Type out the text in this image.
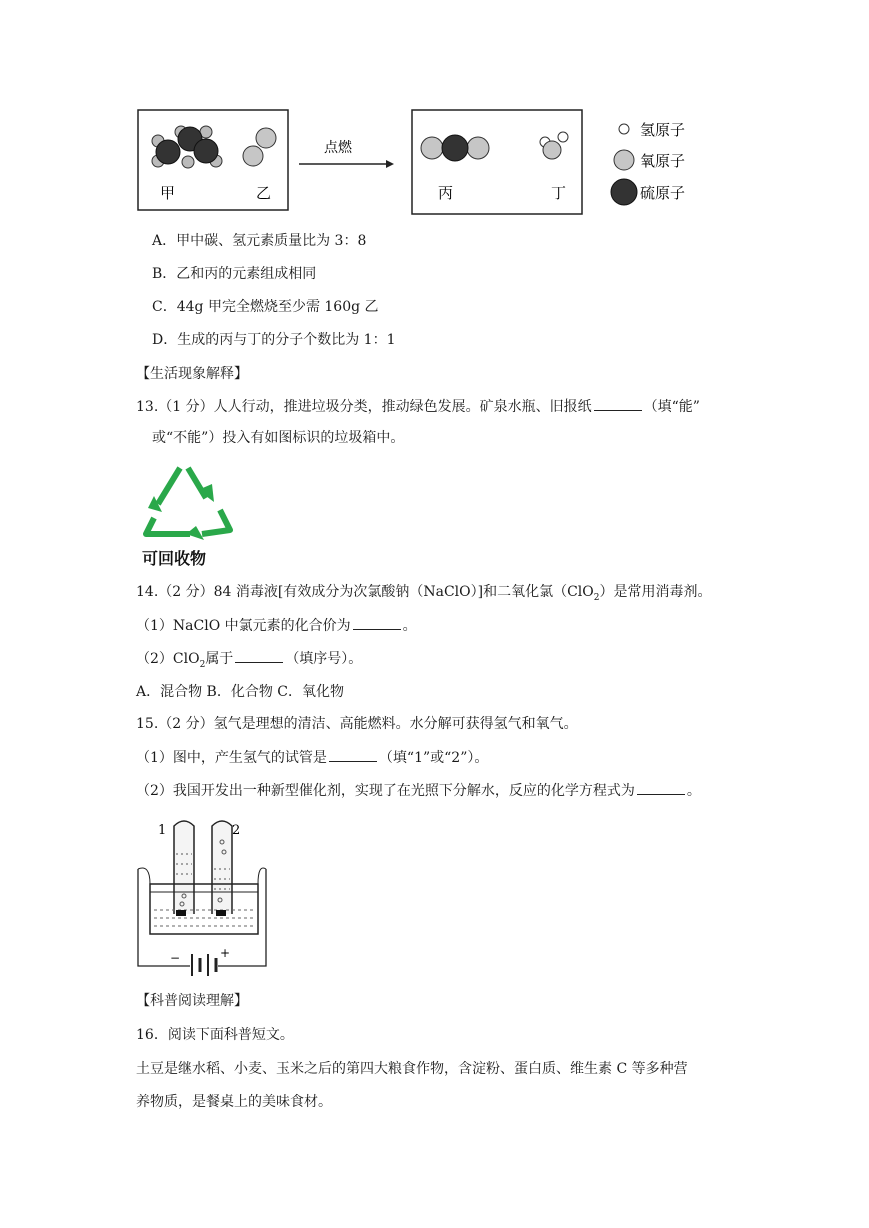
甲	乙
点燃
丙	丁
氢原子
氧原子
硫原子
A．甲中碳、氢元素质量比为 3：8
B．乙和丙的元素组成相同
C．44g 甲完全燃烧至少需 160g 乙
D．生成的丙与丁的分子个数比为 1：1
【生活现象解释】
13.（1 分）人人行动，推进垃圾分类，推动绿色发展。矿泉水瓶、旧报纸	（填“能”
或“不能”）投入有如图标识的垃圾箱中。
可回收物
14.（2 分）84 消毒液[有效成分为次氯酸钠（NaClO）]和二氧化氯（ClO$_2$）是常用消毒剂。
（1）NaClO 中氯元素的化合价为	。
（2）ClO$_2$属于	（填序号）。
A．混合物 B．化合物 C．氧化物
15.（2 分）氢气是理想的清洁、高能燃料。水分解可获得氢气和氧气。
（1）图中，产生氢气的试管是	（填“1”或“2”）。
（2）我国开发出一种新型催化剂，实现了在光照下分解水，反应的化学方程式为	。
1	2
−	+
【科普阅读理解】
16．阅读下面科普短文。
土豆是继水稻、小麦、玉米之后的第四大粮食作物，含淀粉、蛋白质、维生素 C 等多种营
养物质，是餐桌上的美味食材。
